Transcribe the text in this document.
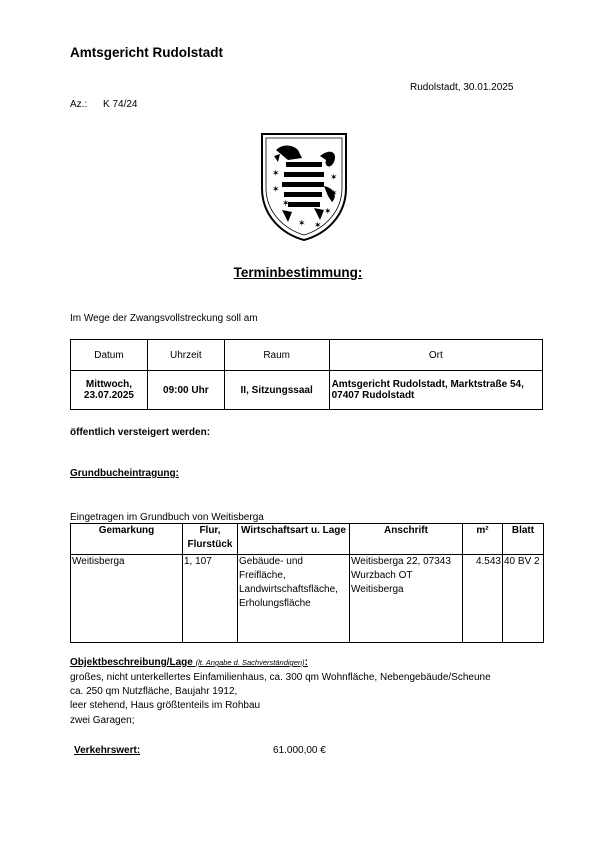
Amtsgericht Rudolstadt
Rudolstadt, 30.01.2025
Az.: K 74/24
✶
✶
✶
✶
✶ ✶
✶
✶
Terminbestimmung:
Im Wege der Zwangsvollstreckung soll am
Datum	Uhrzeit	Raum	Ort
Mittwoch, 23.07.2025	09:00 Uhr	II, Sitzungssaal	Amtsgericht Rudolstadt, Marktstraße 54, 07407 Rudolstadt
öffentlich versteigert werden:
Grundbucheintragung:
Eingetragen im Grundbuch von Weitisberga
Gemarkung	Flur, Flurstück	Wirtschaftsart u. Lage	Anschrift	m²	Blatt
Weitisberga	1, 107	Gebäude- und Freifläche, Landwirtschaftsfläche, Erholungsfläche	Weitisberga 22, 07343 Wurzbach OT Weitisberga	4.543	40 BV 2
Objektbeschreibung/Lage (lt. Angabe d. Sachverständigen):
großes, nicht unterkellertes Einfamilienhaus, ca. 300 qm Wohnfläche, Nebengebäude/Scheune
ca. 250 qm Nutzfläche, Baujahr 1912,
leer stehend, Haus größtenteils im Rohbau
zwei Garagen;
Verkehrswert:	61.000,00 €
